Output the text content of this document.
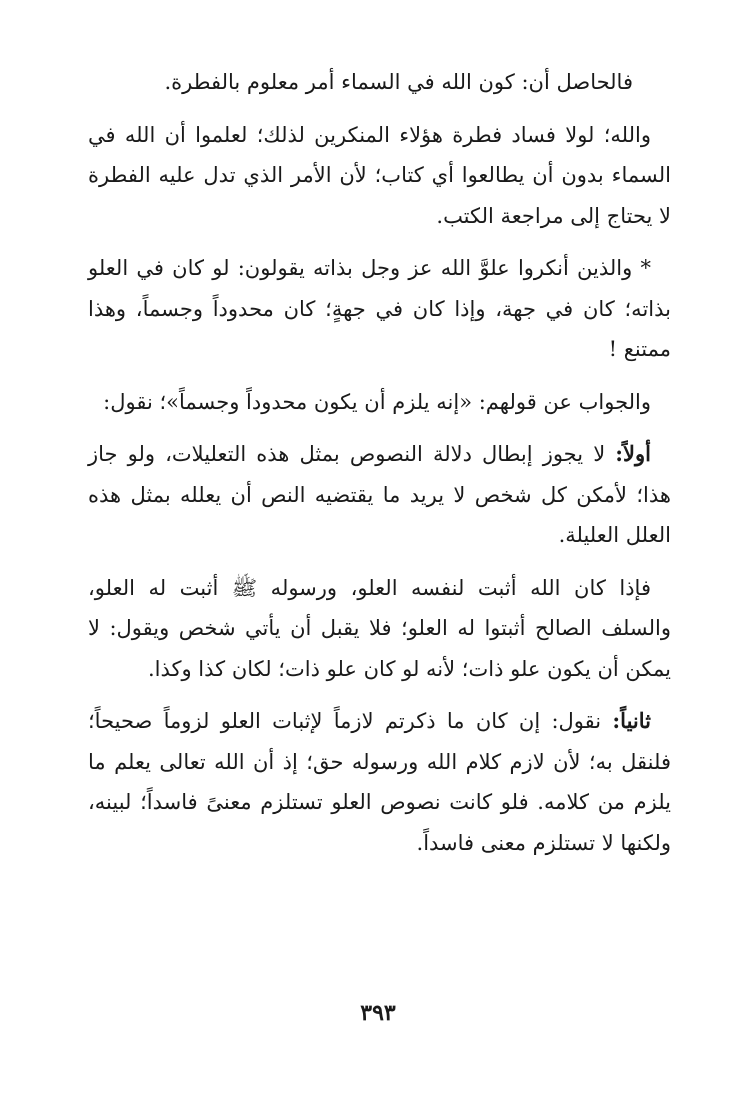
فالحاصل أن: كون الله في السماء أمر معلوم بالفطرة.

والله؛ لولا فساد فطرة هؤلاء المنكرين لذلك؛ لعلموا أن الله في السماء بدون أن يطالعوا أي كتاب؛ لأن الأمر الذي تدل عليه الفطرة لا يحتاج إلى مراجعة الكتب.

* والذين أنكروا علوَّ الله عز وجل بذاته يقولون: لو كان في العلو بذاته؛ كان في جهة، وإذا كان في جهةٍ؛ كان محدوداً وجسماً، وهذا ممتنع !

والجواب عن قولهم: «إنه يلزم أن يكون محدوداً وجسماً»؛ نقول:

أولاً: لا يجوز إبطال دلالة النصوص بمثل هذه التعليلات، ولو جاز هذا؛ لأمكن كل شخص لا يريد ما يقتضيه النص أن يعلله بمثل هذه العلل العليلة.

فإذا كان الله أثبت لنفسه العلو، ورسوله ﷺ أثبت له العلو، والسلف الصالح أثبتوا له العلو؛ فلا يقبل أن يأتي شخص ويقول: لا يمكن أن يكون علو ذات؛ لأنه لو كان علو ذات؛ لكان كذا وكذا.

ثانياً: نقول: إن كان ما ذكرتم لازماً لإثبات العلو لزوماً صحيحاً؛ فلنقل به؛ لأن لازم كلام الله ورسوله حق؛ إذ أن الله تعالى يعلم ما يلزم من كلامه. فلو كانت نصوص العلو تستلزم معنىً فاسداً؛ لبينه، ولكنها لا تستلزم معنى فاسداً.

٣٩٣
